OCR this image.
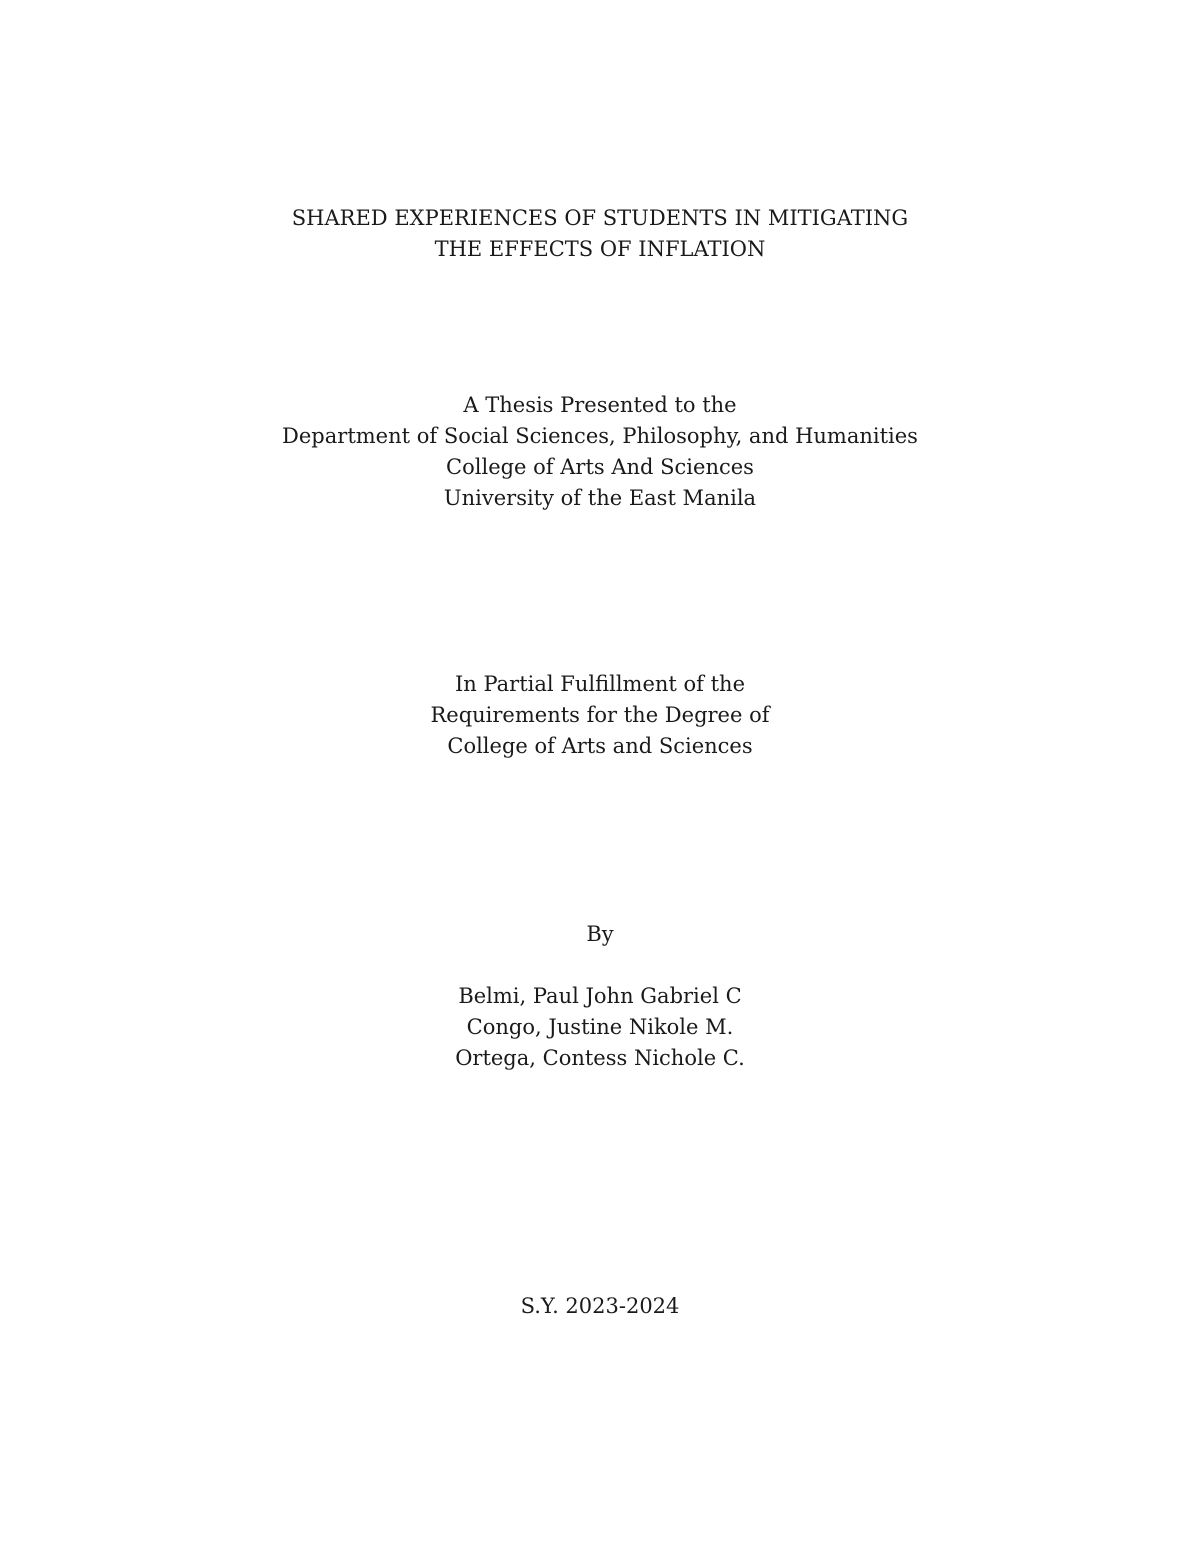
SHARED EXPERIENCES OF STUDENTS IN MITIGATING
THE EFFECTS OF INFLATION
A Thesis Presented to the
Department of Social Sciences, Philosophy, and Humanities
College of Arts And Sciences
University of the East Manila
In Partial Fulfillment of the
Requirements for the Degree of
College of Arts and Sciences
By
Belmi, Paul John Gabriel C
Congo, Justine Nikole M.
Ortega, Contess Nichole C.
S.Y. 2023-2024
